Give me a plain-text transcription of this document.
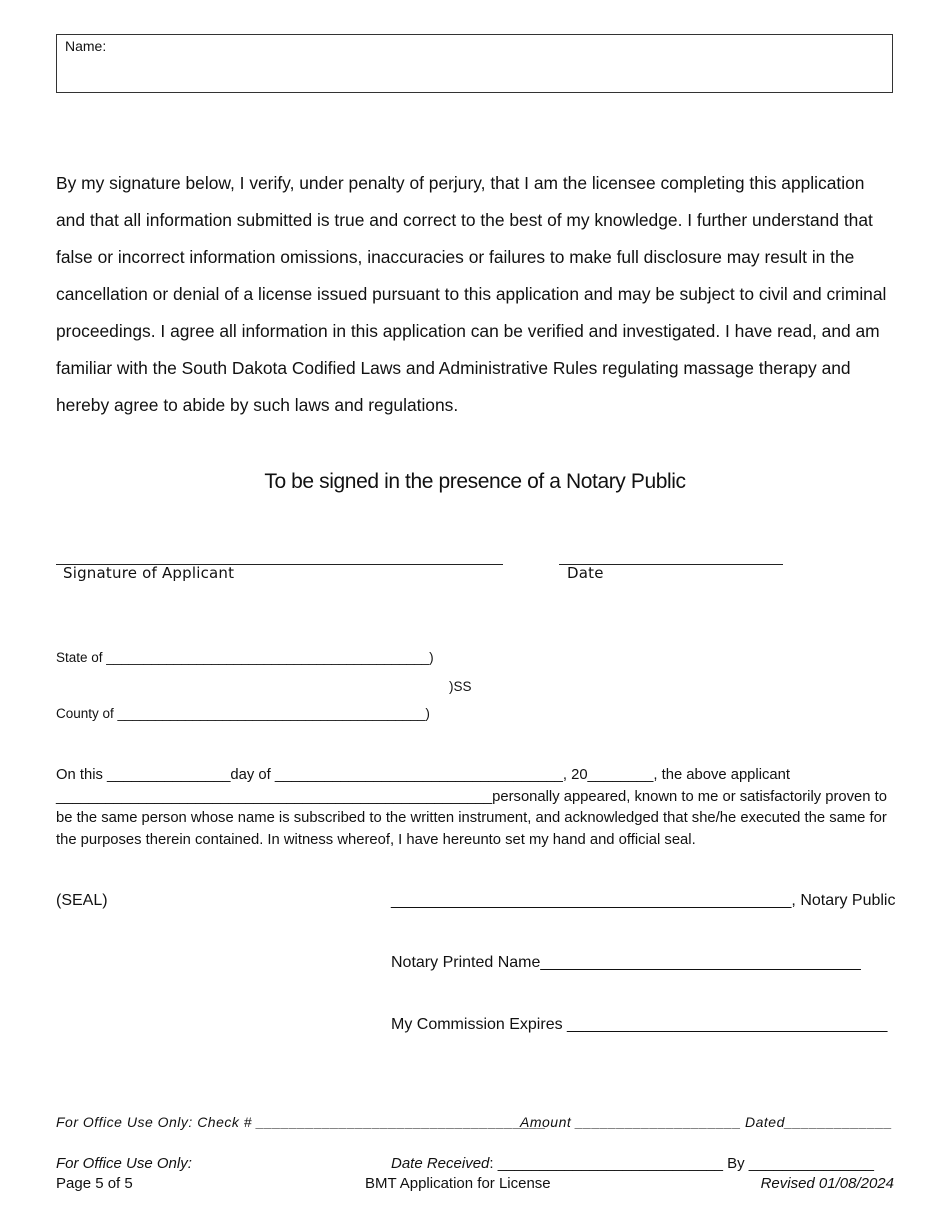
Name:

By my signature below, I verify, under penalty of perjury, that I am the licensee completing this application and that all information submitted is true and correct to the best of my knowledge. I further understand that false or incorrect information omissions, inaccuracies or failures to make full disclosure may result in the cancellation or denial of a license issued pursuant to this application and may be subject to civil and criminal proceedings. I agree all information in this application can be verified and investigated. I have read, and am familiar with the South Dakota Codified Laws and Administrative Rules regulating massage therapy and hereby agree to abide by such laws and regulations.

To be signed in the presence of a Notary Public
Signature of Applicant	Date
State of ___________________________________________)
)SS
County of _________________________________________)

On this _______________day of ___________________________________, 20________, the above applicant _____________________________________________________personally appeared, known to me or satisfactorily proven to be the same person whose name is subscribed to the written instrument, and acknowledged that she/he executed the same for the purposes therein contained. In witness whereof, I have hereunto set my hand and official seal.

(SEAL)	_____________________________________________, Notary Public
Notary Printed Name____________________________________
My Commission Expires ____________________________________
For Office Use Only: Check # ___________________________________
Amount ____________________ Dated_____________
For Office Use Only:	Date Received: ___________________________ By _______________
Page 5 of 5	BMT Application for License	Revised 01/08/2024
